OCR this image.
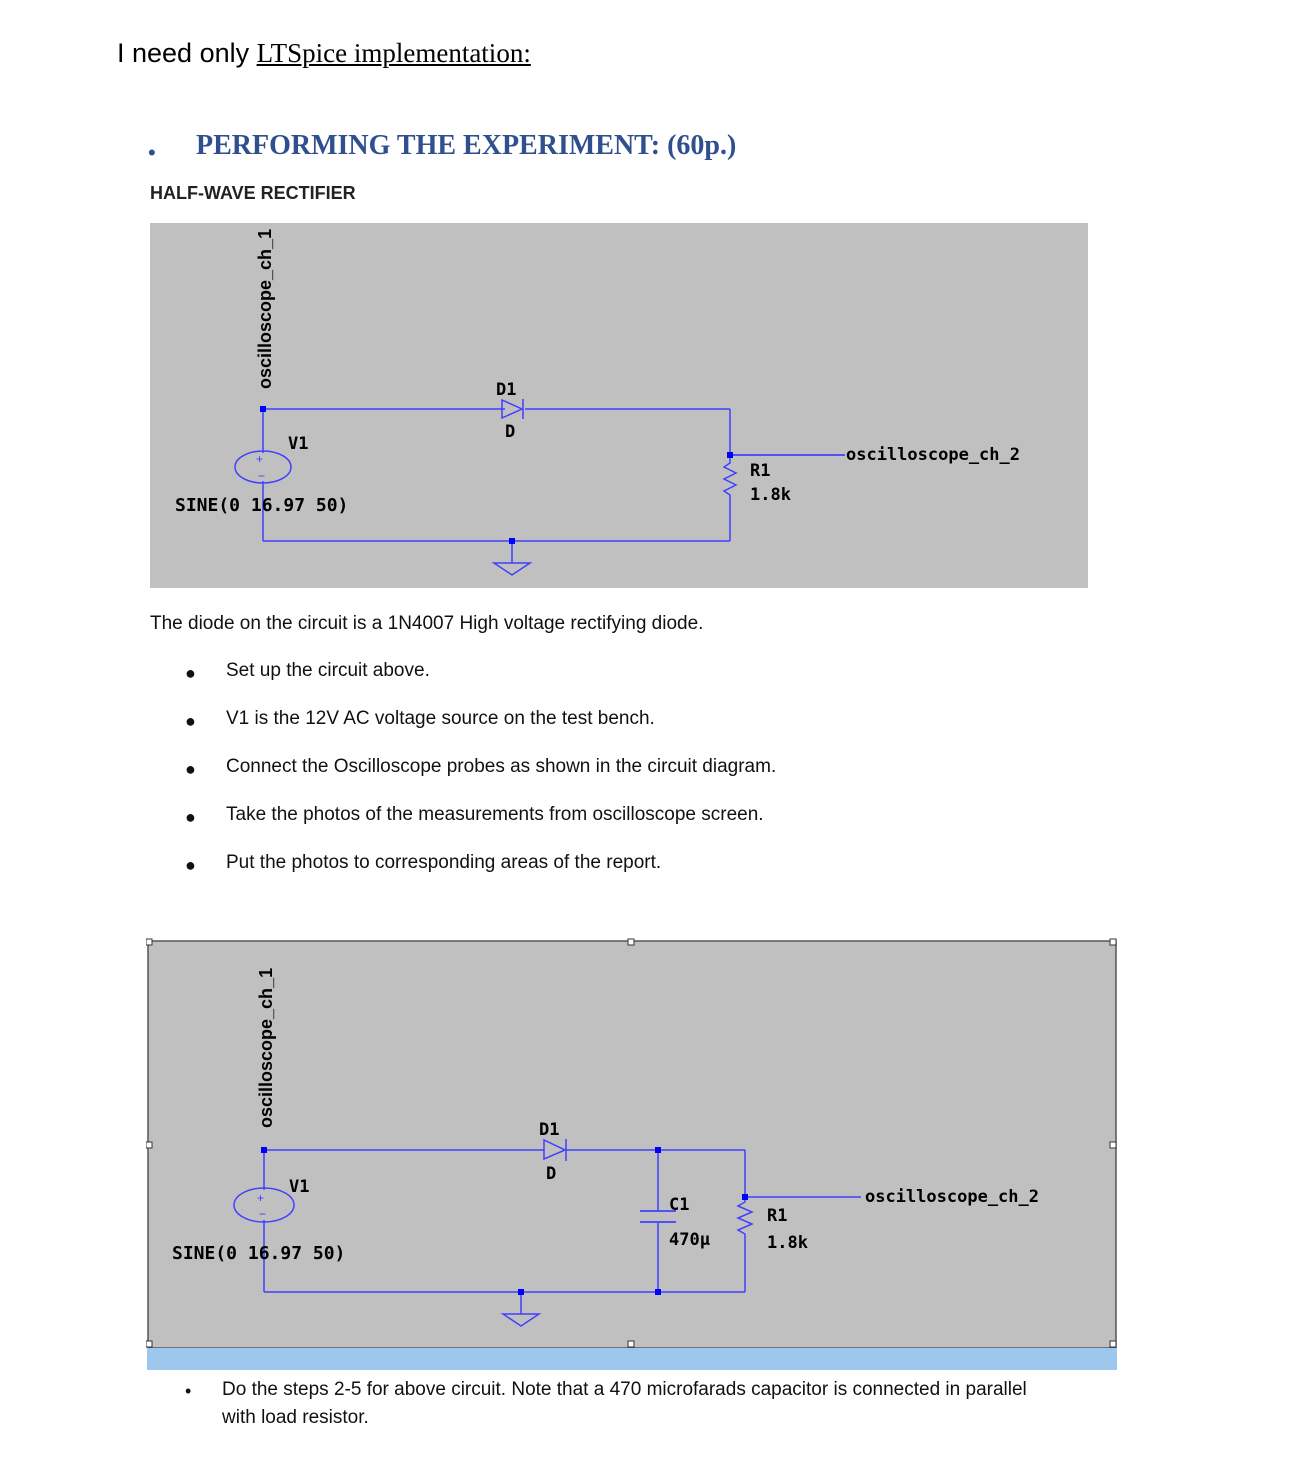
I need only LTSpice implementation:
• PERFORMING THE EXPERIMENT: (60p.)
HALF-WAVE RECTIFIER
+
−
oscilloscope_ch_1
V1
SINE(0 16.97 50)
D1
D
R1
1.8k
oscilloscope_ch_2
The diode on the circuit is a 1N4007 High voltage rectifying diode.
● Set up the circuit above.
● V1 is the 12V AC voltage source on the test bench.
● Connect the Oscilloscope probes as shown in the circuit diagram.
● Take the photos of the measurements from oscilloscope screen.
● Put the photos to corresponding areas of the report.
+
−
oscilloscope_ch_1
V1
SINE(0 16.97 50)
D1
D
C1
470µ
R1
1.8k
oscilloscope_ch_2
• Do the steps 2-5 for above circuit. Note that a 470 microfarads capacitor is connected in parallel with load resistor.
